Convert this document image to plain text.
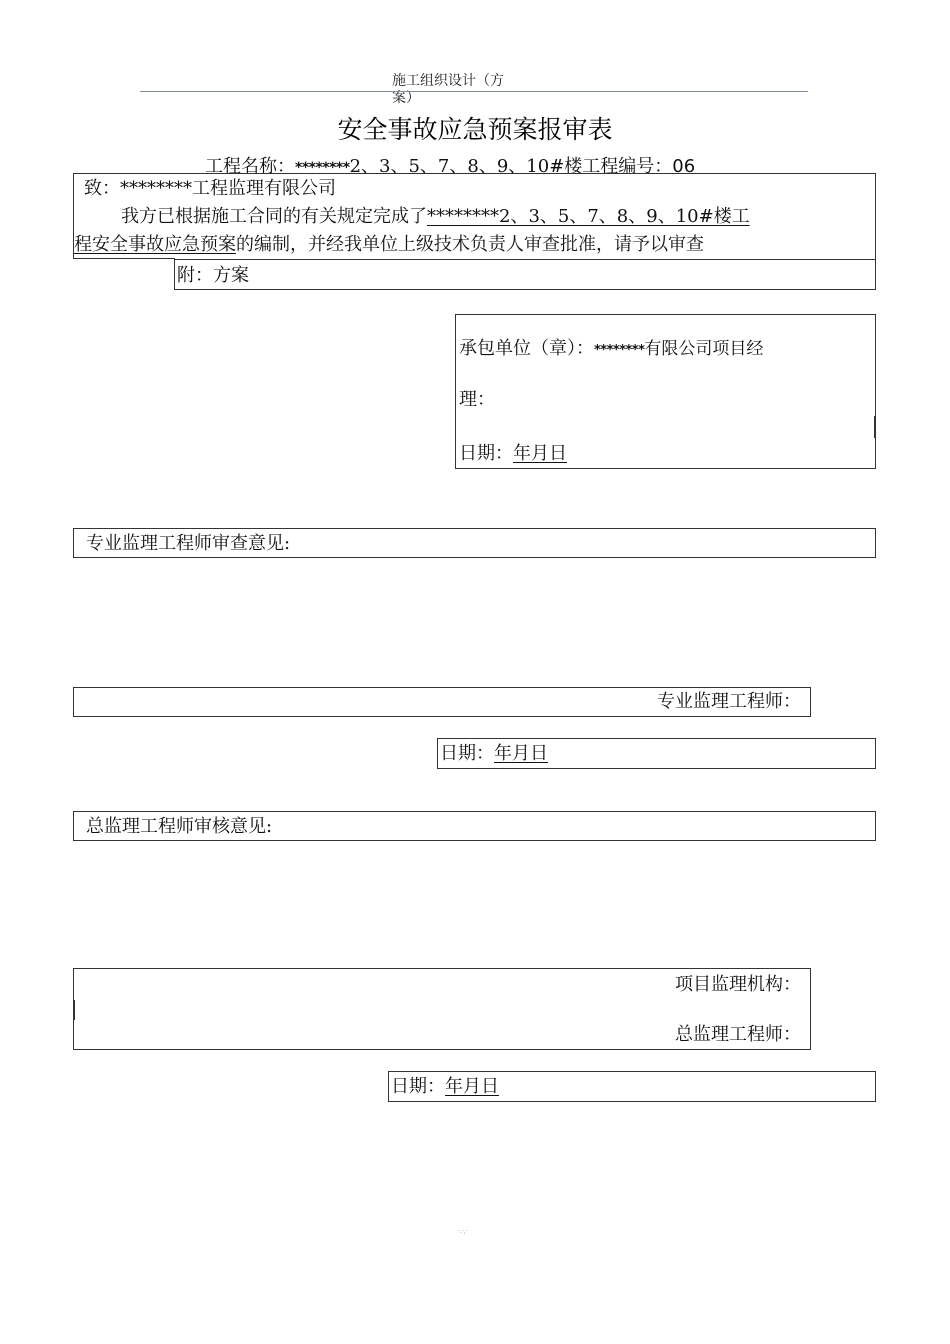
施工组织设计（方
案）
安全事故应急预案报审表
工程名称：********2、3、5、7、8、9、10#楼工程编号：06
致：********工程监理有限公司
我方已根据施工合同的有关规定完成了********2、3、5、7、8、9、10#楼工
程安全事故应急预案的编制，并经我单位上级技术负责人审查批准，请予以审查
附：方案
承包单位（章）：********有限公司项目经
理：
日期：年月日
专业监理工程师审查意见:
专业监理工程师：
日期：年月日
总监理工程师审核意见:
项目监理机构：
总监理工程师：
日期：年月日
·.·,·
